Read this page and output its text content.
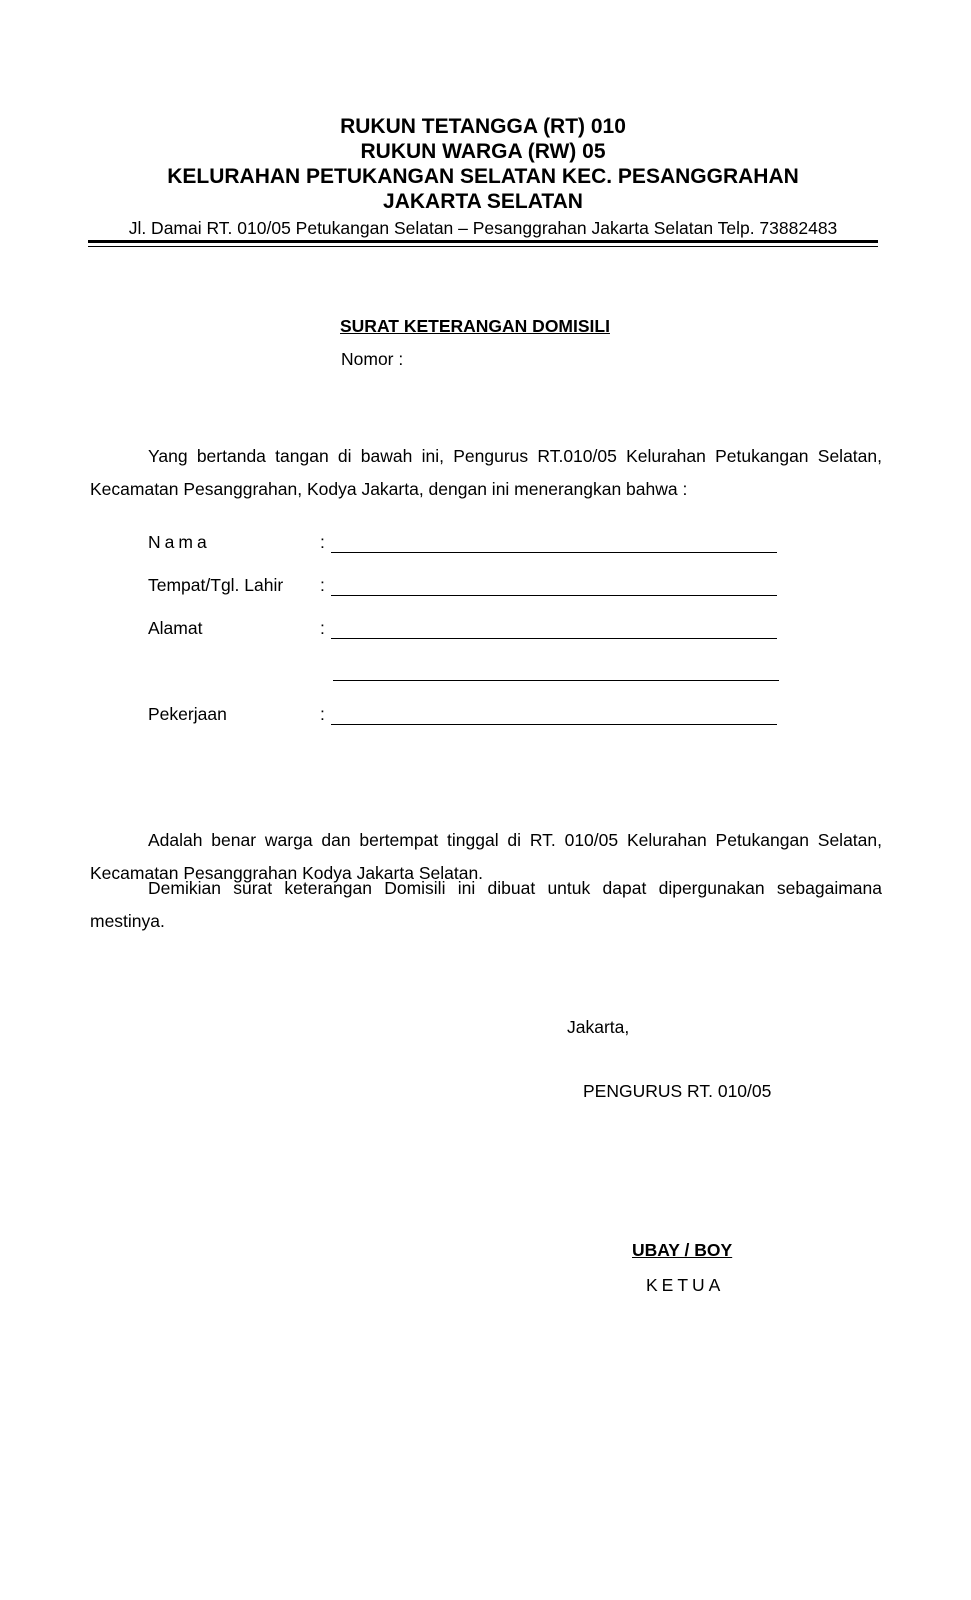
RUKUN TETANGGA (RT) 010
RUKUN WARGA (RW) 05
KELURAHAN PETUKANGAN SELATAN KEC. PESANGGRAHAN
JAKARTA SELATAN
Jl. Damai RT. 010/05 Petukangan Selatan – Pesanggrahan Jakarta Selatan Telp. 73882483
SURAT KETERANGAN DOMISILI
Nomor :

Yang bertanda tangan di bawah ini, Pengurus RT.010/05 Kelurahan Petukangan Selatan, Kecamatan Pesanggrahan, Kodya Jakarta, dengan ini menerangkan bahwa :

Nama	:
Tempat/Tgl. Lahir :
Alamat	:
Pekerjaan	:

Adalah benar warga dan bertempat tinggal di RT. 010/05 Kelurahan Petukangan Selatan, Kecamatan Pesanggrahan Kodya Jakarta Selatan.

Demikian surat keterangan Domisili ini dibuat untuk dapat dipergunakan sebagaimana mestinya.

Jakarta,
PENGURUS RT. 010/05
UBAY / BOY
KETUA
